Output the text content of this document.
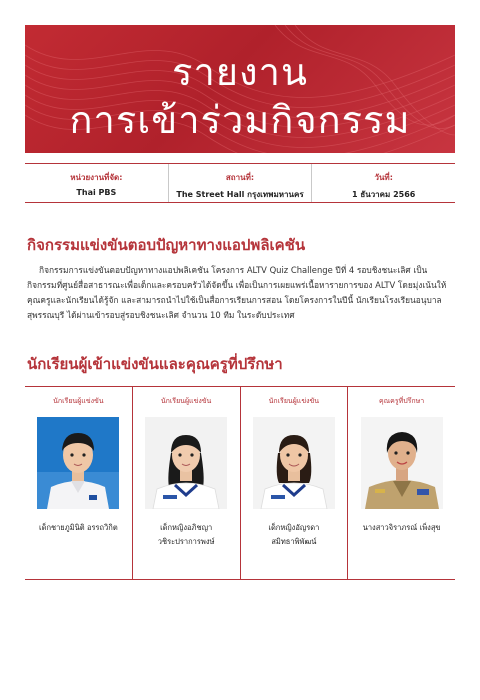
รายงาน
การเข้าร่วมกิจกรรม
หน่วยงานที่จัด:
Thai PBS
สถานที่:
The Street Hall กรุงเทพมหานคร
วันที่:
1 ธันวาคม 2566
กิจกรรมแข่งขันตอบปัญหาทางแอปพลิเคชัน
กิจกรรมการแข่งขันตอบปัญหาทางแอปพลิเคชัน โครงการ ALTV Quiz Challenge ปีที่ 4 รอบชิงชนะเลิศ เป็นกิจกรรมที่ศูนย์สื่อสาธารณะเพื่อเด็กและครอบครัวได้จัดขึ้น เพื่อเป็นการเผยแพร่เนื้อหารายการของ ALTV โดยมุ่งเน้นให้คุณครูและนักเรียนได้รู้จัก และสามารถนำไปใช้เป็นสื่อการเรียนการสอน โดยโครงการในปีนี้ นักเรียนโรงเรียนอนุบาลสุพรรณบุรี ได้ผ่านเข้ารอบสู่รอบชิงชนะเลิศ จำนวน 10 ทีม ในระดับประเทศ
นักเรียนผู้เข้าแข่งขันและคุณครูที่ปรึกษา
นักเรียนผู้แข่งขัน
เด็กชายภูมินิติ อรรถวิกิต
นักเรียนผู้แข่งขัน
เด็กหญิงอภิชญา
วชิระปราการพงษ์
นักเรียนผู้แข่งขัน
เด็กหญิงอัญรดา
สมิทธาพิพัฒน์
คุณครูที่ปรึกษา
นางสาวจิราภรณ์ เพ็งสุข
